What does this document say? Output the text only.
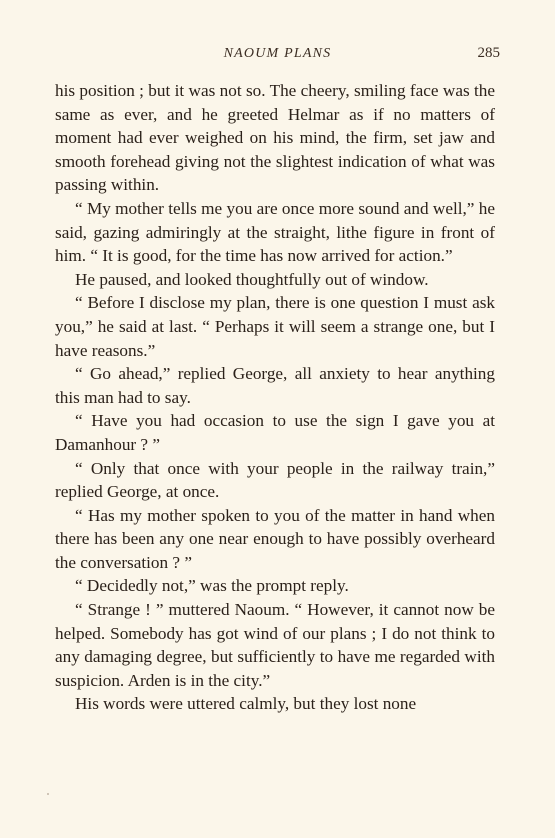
NAOUM PLANS	285

his position ; but it was not so. The cheery, smiling face was the same as ever, and he greeted Helmar as if no matters of moment had ever weighed on his mind, the firm, set jaw and smooth forehead giving not the slightest indication of what was passing within.

“ My mother tells me you are once more sound and well,” he said, gazing admiringly at the straight, lithe figure in front of him. “ It is good, for the time has now arrived for action.”

He paused, and looked thoughtfully out of window.

“ Before I disclose my plan, there is one question I must ask you,” he said at last. “ Perhaps it will seem a strange one, but I have reasons.”

“ Go ahead,” replied George, all anxiety to hear anything this man had to say.

“ Have you had occasion to use the sign I gave you at Damanhour ? ”

“ Only that once with your people in the railway train,” replied George, at once.

“ Has my mother spoken to you of the matter in hand when there has been any one near enough to have possibly overheard the conversation ? ”

“ Decidedly not,” was the prompt reply.

“ Strange ! ” muttered Naoum. “ However, it cannot now be helped. Somebody has got wind of our plans ; I do not think to any damaging degree, but sufficiently to have me regarded with suspicion. Arden is in the city.”

His words were uttered calmly, but they lost none
